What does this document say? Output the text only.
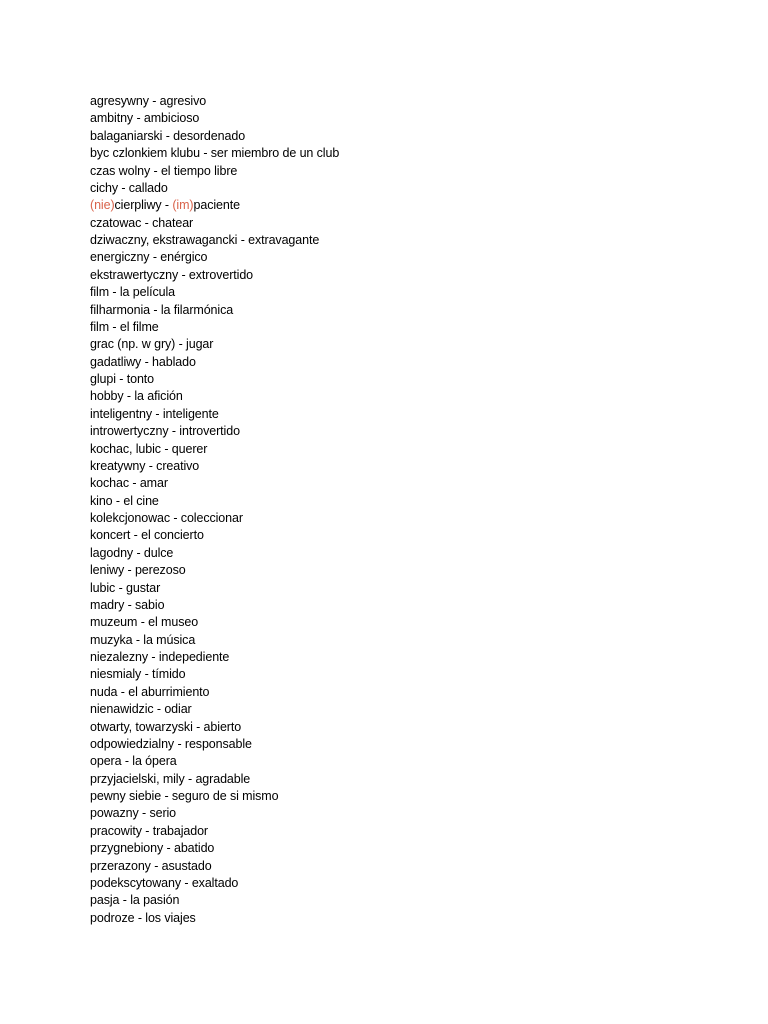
agresywny - agresivo
ambitny - ambicioso
balaganiarski - desordenado
byc czlonkiem klubu - ser miembro de un club
czas wolny - el tiempo libre
cichy - callado
(nie)cierpliwy - (im)paciente
czatowac - chatear
dziwaczny, ekstrawagancki - extravagante
energiczny - enérgico
ekstrawertyczny - extrovertido
film - la película
filharmonia - la filarmónica
film - el filme
grac (np. w gry) - jugar
gadatliwy - hablado
glupi - tonto
hobby - la afición
inteligentny - inteligente
introwertyczny - introvertido
kochac, lubic - querer
kreatywny - creativo
kochac - amar
kino - el cine
kolekcjonowac - coleccionar
koncert - el concierto
lagodny - dulce
leniwy - perezoso
lubic - gustar
madry - sabio
muzeum - el museo
muzyka - la música
niezalezny - indepediente
niesmialy - tímido
nuda - el aburrimiento
nienawidzic - odiar
otwarty, towarzyski - abierto
odpowiedzialny - responsable
opera - la ópera
przyjacielski, mily - agradable
pewny siebie - seguro de si mismo
powazny - serio
pracowity - trabajador
przygnebiony - abatido
przerazony - asustado
podekscytowany - exaltado
pasja - la pasión
podroze - los viajes
